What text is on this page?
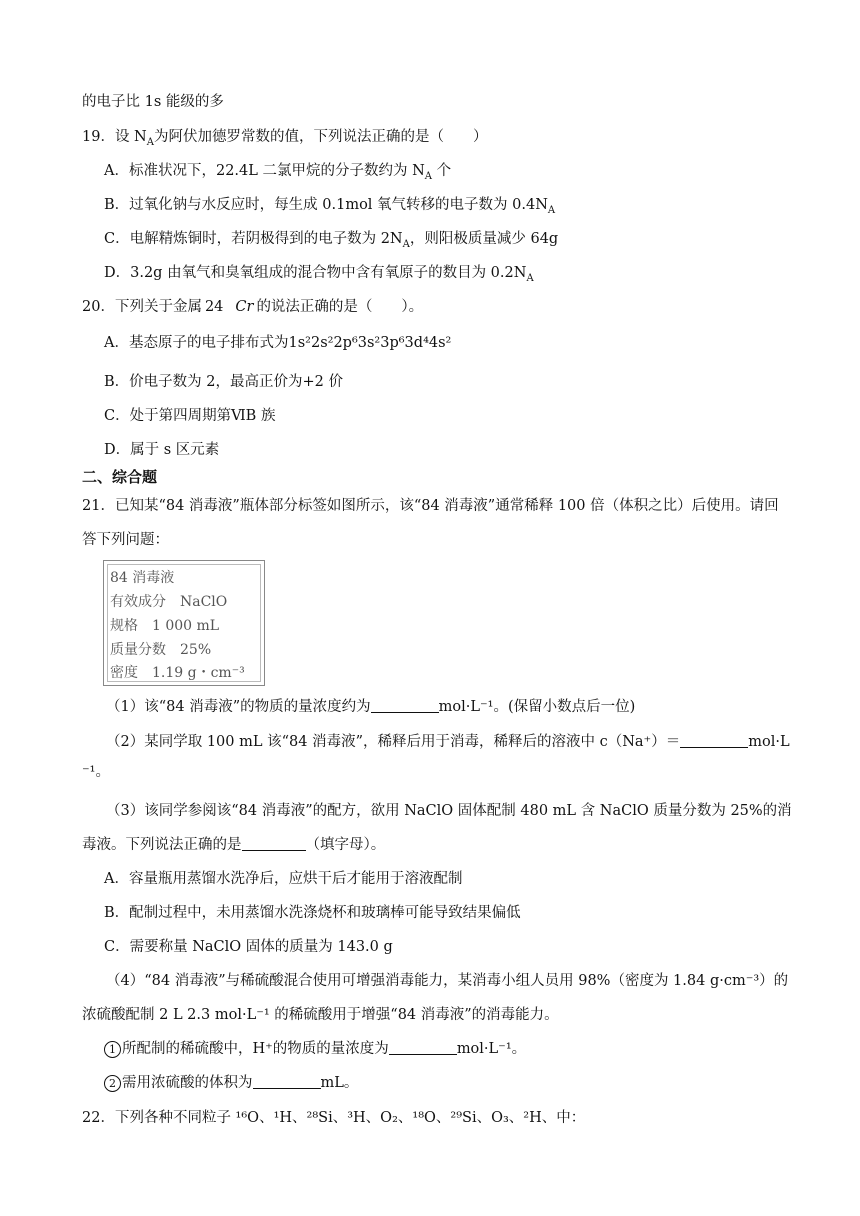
的电子比 1s 能级的多
19．设 $N_A$为阿伏加德罗常数的值，下列说法正确的是（　　）
A．标准状况下，22.4L 二氯甲烷的分子数约为 $N_A$ 个
B．过氧化钠与水反应时，每生成 0.1mol 氧气转移的电子数为 $0.4N_A$
C．电解精炼铜时，若阴极得到的电子数为 $2N_A$，则阳极质量减少 64g
D．3.2g 由氧气和臭氧组成的混合物中含有氧原子的数目为 $0.2N_A$
20．下列关于金属 24 Cr 的说法正确的是（　　）。
A．基态原子的电子排布式为1s²2s²2p⁶3s²3p⁶3d⁴4s²
B．价电子数为 2，最高正价为+2 价
C．处于第四周期第ⅥB 族
D．属于 s 区元素
二、综合题
21．已知某“84 消毒液”瓶体部分标签如图所示，该“84 消毒液”通常稀释 100 倍（体积之比）后使用。请回
答下列问题：
84 消毒液
有效成分　NaClO
规格　1 000 mL
质量分数　25%
密度　1.19 g・cm⁻³
（1）该“84 消毒液”的物质的量浓度约为	mol·L⁻¹。(保留小数点后一位)
（2）某同学取 100 mL 该“84 消毒液”，稀释后用于消毒，稀释后的溶液中 c（Na⁺）＝	mol·L
⁻¹。
（3）该同学参阅该“84 消毒液”的配方，欲用 NaClO 固体配制 480 mL 含 NaClO 质量分数为 25%的消
毒液。下列说法正确的是	（填字母）。
A．容量瓶用蒸馏水洗净后，应烘干后才能用于溶液配制
B．配制过程中，未用蒸馏水洗涤烧杯和玻璃棒可能导致结果偏低
C．需要称量 NaClO 固体的质量为 143.0 g
（4）“84 消毒液”与稀硫酸混合使用可增强消毒能力，某消毒小组人员用 98%（密度为 1.84 g·cm⁻³）的
浓硫酸配制 2 L 2.3 mol·L⁻¹ 的稀硫酸用于增强“84 消毒液”的消毒能力。
1 所配制的稀硫酸中，H⁺的物质的量浓度为	mol·L⁻¹。
2 需用浓硫酸的体积为	mL。
22．下列各种不同粒子 ¹⁶O、¹H、²⁸Si、³H、O₂、¹⁸O、²⁹Si、O₃、²H、中：
